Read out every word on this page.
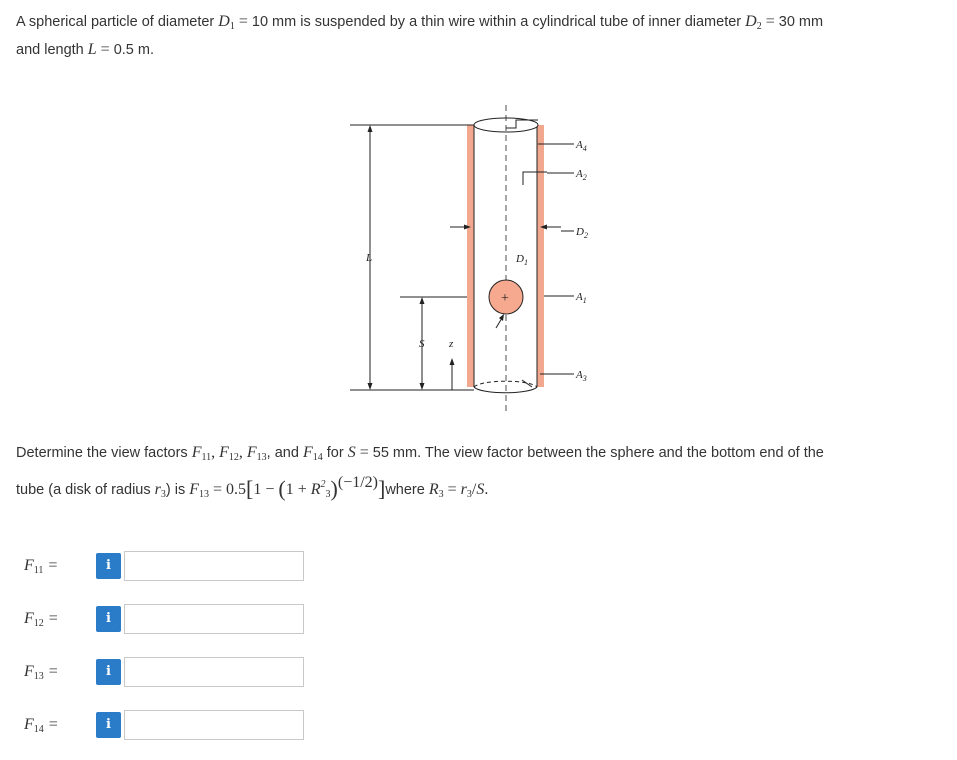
A spherical particle of diameter $D_1 = 10$ mm is suspended by a thin wire within a cylindrical tube of inner diameter $D_2 = 30$ mm
and length L = 0.5 m.
L
S z
+
$A_4$
$A_2$
$D_2$
$D_1$
$A_1$
$A_3$
Determine the view factors $F_{11}$, $F_{12}$, $F_{13}$, and $F_{14}$ for S = 55 mm. The view factor between the sphere and the bottom end of the
tube (a disk of radius $r_3$) is $F_{13} = 0.5[1 - (1$ + $R^2_3)^{(-1/2)}]where$ $R_3 = r_3/S$.
$F_{11}$ =	i
$F_{12}$ =	i
$F_{13}$ =	i
$F_{14}$ =	i
